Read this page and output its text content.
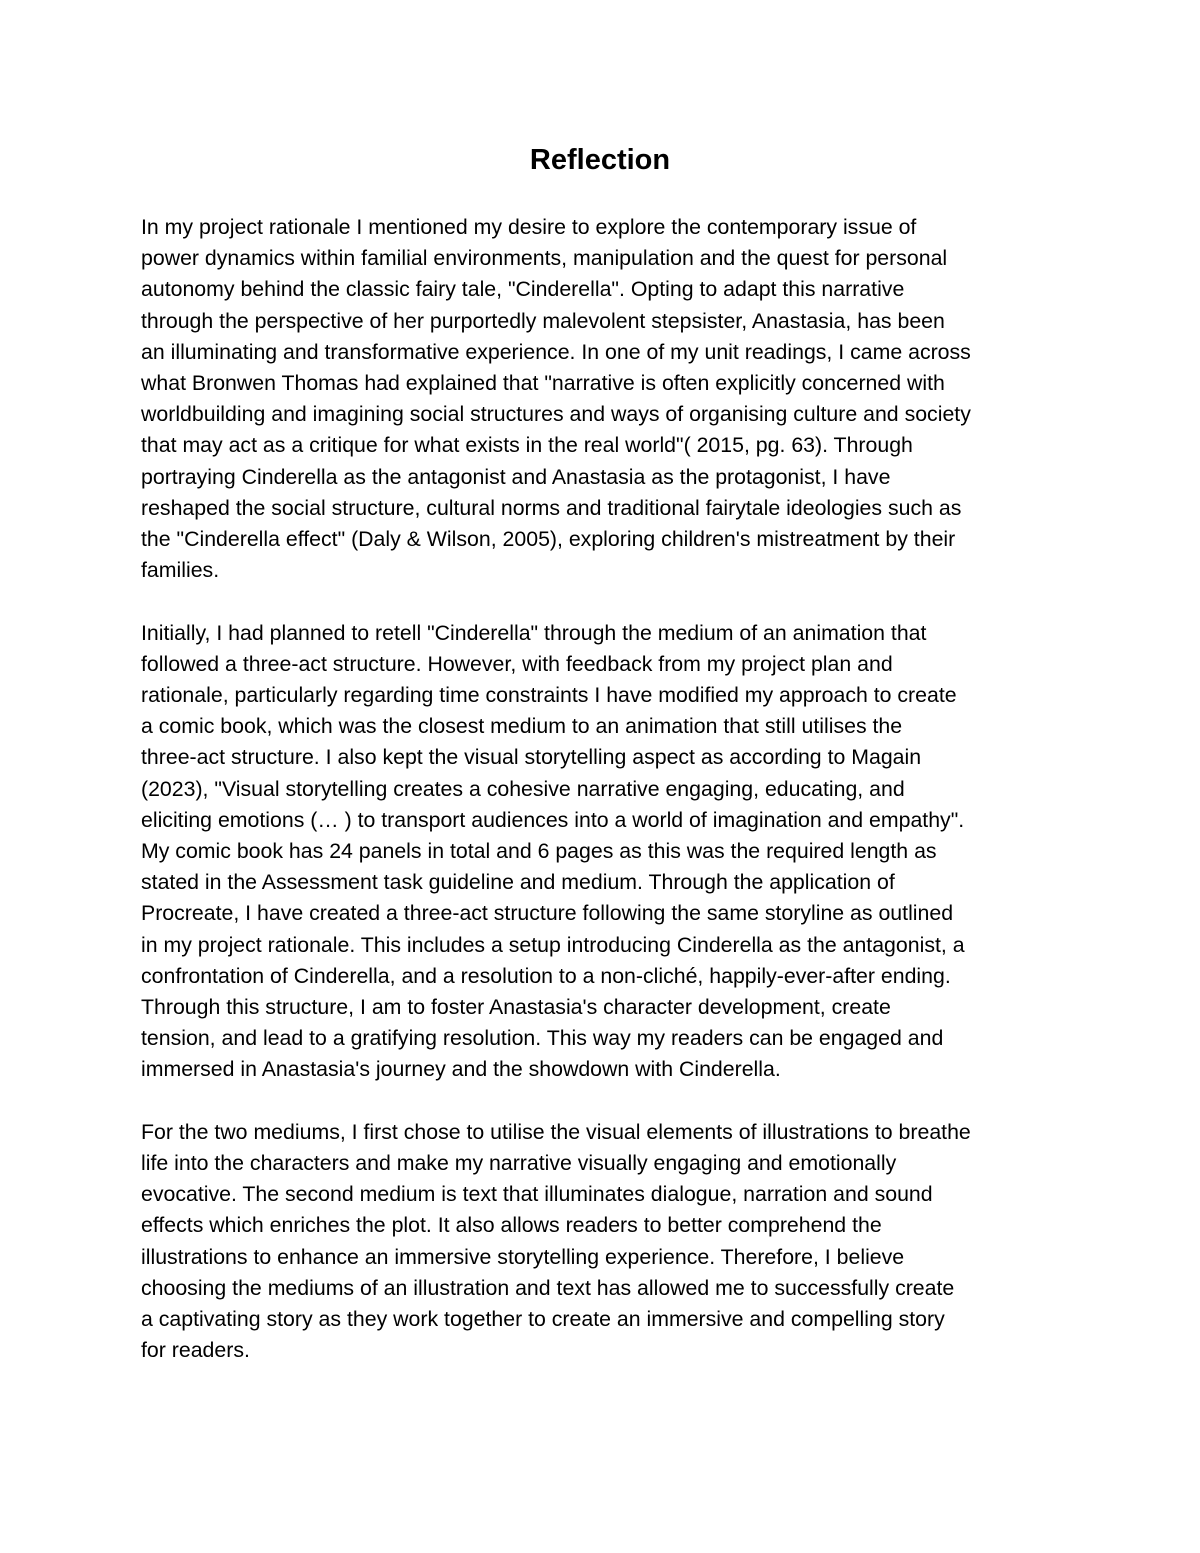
Reflection

In my project rationale I mentioned my desire to explore the contemporary issue of
power dynamics within familial environments, manipulation and the quest for personal
autonomy behind the classic fairy tale, "Cinderella". Opting to adapt this narrative
through the perspective of her purportedly malevolent stepsister, Anastasia, has been
an illuminating and transformative experience. In one of my unit readings, I came across
what Bronwen Thomas had explained that "narrative is often explicitly concerned with
worldbuilding and imagining social structures and ways of organising culture and society
that may act as a critique for what exists in the real world"( 2015, pg. 63). Through
portraying Cinderella as the antagonist and Anastasia as the protagonist, I have
reshaped the social structure, cultural norms and traditional fairytale ideologies such as
the "Cinderella effect" (Daly & Wilson, 2005), exploring children's mistreatment by their
families.

Initially, I had planned to retell "Cinderella" through the medium of an animation that
followed a three-act structure. However, with feedback from my project plan and
rationale, particularly regarding time constraints I have modified my approach to create
a comic book, which was the closest medium to an animation that still utilises the
three-act structure. I also kept the visual storytelling aspect as according to Magain
(2023), "Visual storytelling creates a cohesive narrative engaging, educating, and
eliciting emotions (… ) to transport audiences into a world of imagination and empathy".
My comic book has 24 panels in total and 6 pages as this was the required length as
stated in the Assessment task guideline and medium. Through the application of
Procreate, I have created a three-act structure following the same storyline as outlined
in my project rationale. This includes a setup introducing Cinderella as the antagonist, a
confrontation of Cinderella, and a resolution to a non-cliché, happily-ever-after ending.
Through this structure, I am to foster Anastasia's character development, create
tension, and lead to a gratifying resolution. This way my readers can be engaged and
immersed in Anastasia's journey and the showdown with Cinderella.

For the two mediums, I first chose to utilise the visual elements of illustrations to breathe
life into the characters and make my narrative visually engaging and emotionally
evocative. The second medium is text that illuminates dialogue, narration and sound
effects which enriches the plot. It also allows readers to better comprehend the
illustrations to enhance an immersive storytelling experience. Therefore, I believe
choosing the mediums of an illustration and text has allowed me to successfully create
a captivating story as they work together to create an immersive and compelling story
for readers.
